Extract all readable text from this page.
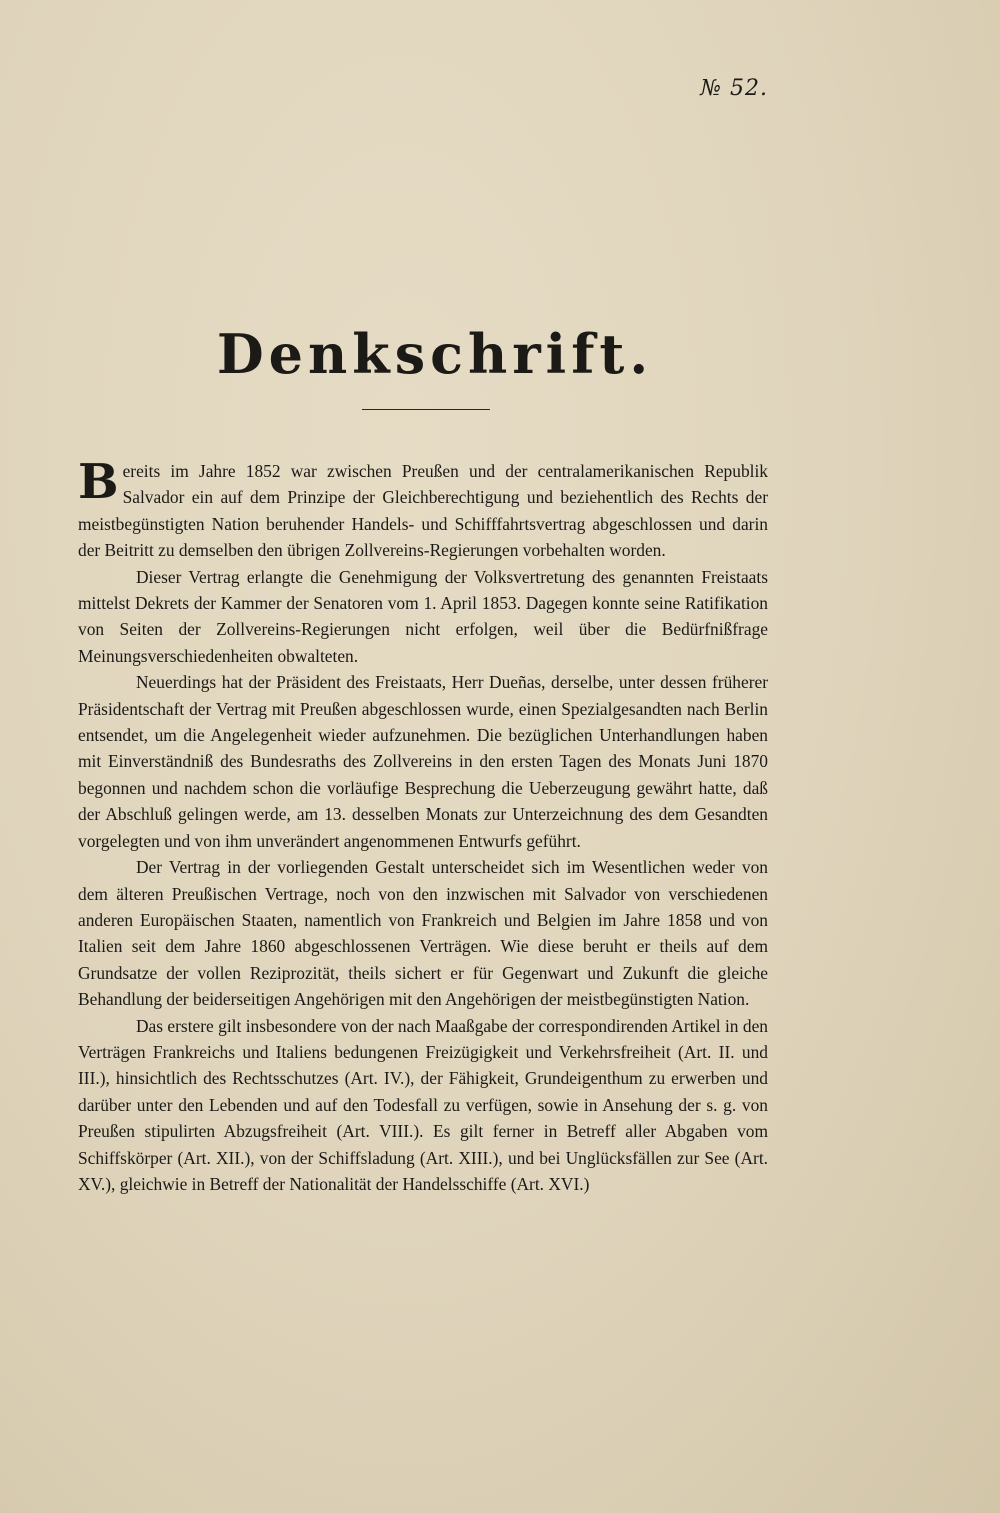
№ 52.
Denkschrift.

Bereits im Jahre 1852 war zwischen Preußen und der centralamerikanischen Republik Salvador ein auf dem Prinzipe der Gleichberechtigung und beziehentlich des Rechts der meistbegünstigten Nation beruhender Handels- und Schifffahrtsvertrag abgeschlossen und darin der Beitritt zu demselben den übrigen Zollvereins-Regierungen vorbehalten worden.

Dieser Vertrag erlangte die Genehmigung der Volksvertretung des genannten Freistaats mittelst Dekrets der Kammer der Senatoren vom 1. April 1853. Dagegen konnte seine Ratifikation von Seiten der Zollvereins-Regierungen nicht erfolgen, weil über die Bedürfnißfrage Meinungsverschiedenheiten obwalteten.

Neuerdings hat der Präsident des Freistaats, Herr Dueñas, derselbe, unter dessen früherer Präsidentschaft der Vertrag mit Preußen abgeschlossen wurde, einen Spezialgesandten nach Berlin entsendet, um die Angelegenheit wieder aufzunehmen. Die bezüglichen Unterhandlungen haben mit Einverständniß des Bundesraths des Zollvereins in den ersten Tagen des Monats Juni 1870 begonnen und nachdem schon die vorläufige Besprechung die Ueberzeugung gewährt hatte, daß der Abschluß gelingen werde, am 13. desselben Monats zur Unterzeichnung des dem Gesandten vorgelegten und von ihm unverändert angenommenen Entwurfs geführt.

Der Vertrag in der vorliegenden Gestalt unterscheidet sich im Wesentlichen weder von dem älteren Preußischen Vertrage, noch von den inzwischen mit Salvador von verschiedenen anderen Europäischen Staaten, namentlich von Frankreich und Belgien im Jahre 1858 und von Italien seit dem Jahre 1860 abgeschlossenen Verträgen. Wie diese beruht er theils auf dem Grundsatze der vollen Reziprozität, theils sichert er für Gegenwart und Zukunft die gleiche Behandlung der beiderseitigen Angehörigen mit den Angehörigen der meistbegünstigten Nation.

Das erstere gilt insbesondere von der nach Maaßgabe der correspondirenden Artikel in den Verträgen Frankreichs und Italiens bedungenen Freizügigkeit und Verkehrsfreiheit (Art. II. und III.), hinsichtlich des Rechtsschutzes (Art. IV.), der Fähigkeit, Grundeigenthum zu erwerben und darüber unter den Lebenden und auf den Todesfall zu verfügen, sowie in Ansehung der s. g. von Preußen stipulirten Abzugsfreiheit (Art. VIII.). Es gilt ferner in Betreff aller Abgaben vom Schiffskörper (Art. XII.), von der Schiffsladung (Art. XIII.), und bei Unglücksfällen zur See (Art. XV.), gleichwie in Betreff der Nationalität der Handelsschiffe (Art. XVI.)
